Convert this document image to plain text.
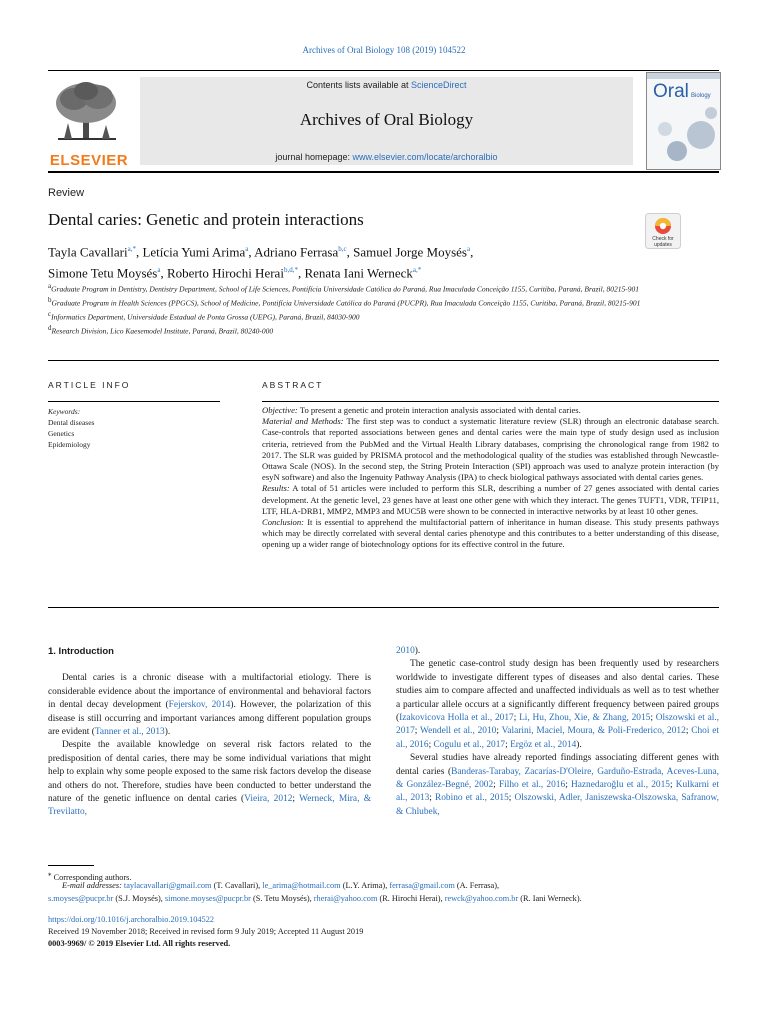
Archives of Oral Biology 108 (2019) 104522
ELSEVIER
Contents lists available at ScienceDirect
Archives of Oral Biology
journal homepage: www.elsevier.com/locate/archoralbio
Oral Biology
Review
Dental caries: Genetic and protein interactions
Check for updates
Tayla Cavallari$^{a,*}$, Letícia Yumi Arima$^a$, Adriano Ferrasa$^{b,c}$, Samuel Jorge Moysés$^a$,
Simone Tetu Moysés$^a$, Roberto Hirochi Herai$^{b,d,*}$, Renata Iani Werneck$^{a,*}$
$^a$Graduate Program in Dentistry, Dentistry Department, School of Life Sciences, Pontifícia Universidade Católica do Paraná, Rua Imaculada Conceição 1155, Curitiba, Paraná, Brazil, 80215-901
$^b$Graduate Program in Health Sciences (PPGCS), School of Medicine, Pontifícia Universidade Católica do Paraná (PUCPR), Rua Imaculada Conceição 1155, Curitiba, Paraná, Brazil, 80215-901
$^c$Informatics Department, Universidade Estadual de Ponta Grossa (UEPG), Paraná, Brazil, 84030-900
$^d$Research Division, Lico Kaesemodel Institute, Paraná, Brazil, 80240-000
ARTICLE INFO	ABSTRACT
Keywords:
Dental diseases
Genetics
Epidemiology

Objective: To present a genetic and protein interaction analysis associated with dental caries.

Material and Methods: The first step was to conduct a systematic literature review (SLR) through an electronic database search. Case-controls that reported associations between genes and dental caries were the main type of study design used as inclusion criteria, retrieved from the PubMed and the Virtual Health Library databases, comprising the chronological range from 1982 to 2017. The SLR was guided by PRISMA protocol and the methodological quality of the studies was established through Newcastle-Ottawa Scale (NOS). In the second step, the String Protein Interaction (SPI) approach was used to analyze protein interaction (by esyN software) and also the Ingenuity Pathway Analysis (IPA) to check biological pathways associated with dental caries genes.

Results: A total of 51 articles were included to perform this SLR, describing a number of 27 genes associated with dental caries development. At the genetic level, 23 genes have at least one other gene with which they interact. The genes TUFT1, VDR, TFIP11, LTF, HLA-DRB1, MMP2, MMP3 and MUC5B were shown to be connected in interactive networks by at least 10 other genes.

Conclusion: It is essential to apprehend the multifactorial pattern of inheritance in human disease. This study presents pathways which may be directly correlated with several dental caries phenotype and this contributes to a better understanding of this disease, opening up a wider range of biotechnology options for its effective control in the future.

1. Introduction

Dental caries is a chronic disease with a multifactorial etiology. There is considerable evidence about the importance of environmental and behavioral factors in dental decay development (Fejerskov, 2014). However, the polarization of this disease is still occurring and important variances among different population groups are evident (Tanner et al., 2013).

Despite the available knowledge on several risk factors related to the predisposition of dental caries, there may be some individual variations that might help to explain why some people exposed to the same risk factors develop the disease and others do not. Therefore, studies have been conducted to better understand the nature of the genetic influence on dental caries (Vieira, 2012; Werneck, Mira, & Trevilatto,

2010).

The genetic case-control study design has been frequently used by researchers worldwide to investigate different types of diseases and also dental caries. These studies aim to compare affected and unaffected individuals as well as to test whether a particular allele occurs at a significantly different frequency between paired groups (Izakovicova Holla et al., 2017; Li, Hu, Zhou, Xie, & Zhang, 2015; Olszowski et al., 2017; Wendell et al., 2010; Valarini, Maciel, Moura, & Poli-Frederico, 2012; Choi et al., 2016; Cogulu et al., 2017; Ergöz et al., 2014).

Several studies have already reported findings associating different genes with dental caries (Banderas-Tarabay, Zacarías-D'Oleire, Garduño-Estrada, Aceves-Luna, & González-Begné, 2002; Filho et al., 2016; Haznedaroğlu et al., 2015; Kulkarni et al., 2013; Robino et al., 2015; Olszowski, Adler, Janiszewska-Olszowska, Safranow, & Chlubek,

⁎ Corresponding authors.
E-mail addresses: taylacavallari@gmail.com (T. Cavallari), le_arima@hotmail.com (L.Y. Arima), ferrasa@gmail.com (A. Ferrasa),
s.moyses@pucpr.br (S.J. Moysés), simone.moyses@pucpr.br (S. Tetu Moysés), rherai@yahoo.com (R. Hirochi Herai), rewck@yahoo.com.br (R. Iani Werneck).
https://doi.org/10.1016/j.archoralbio.2019.104522
Received 19 November 2018; Received in revised form 9 July 2019; Accepted 11 August 2019
0003-9969/ © 2019 Elsevier Ltd. All rights reserved.
